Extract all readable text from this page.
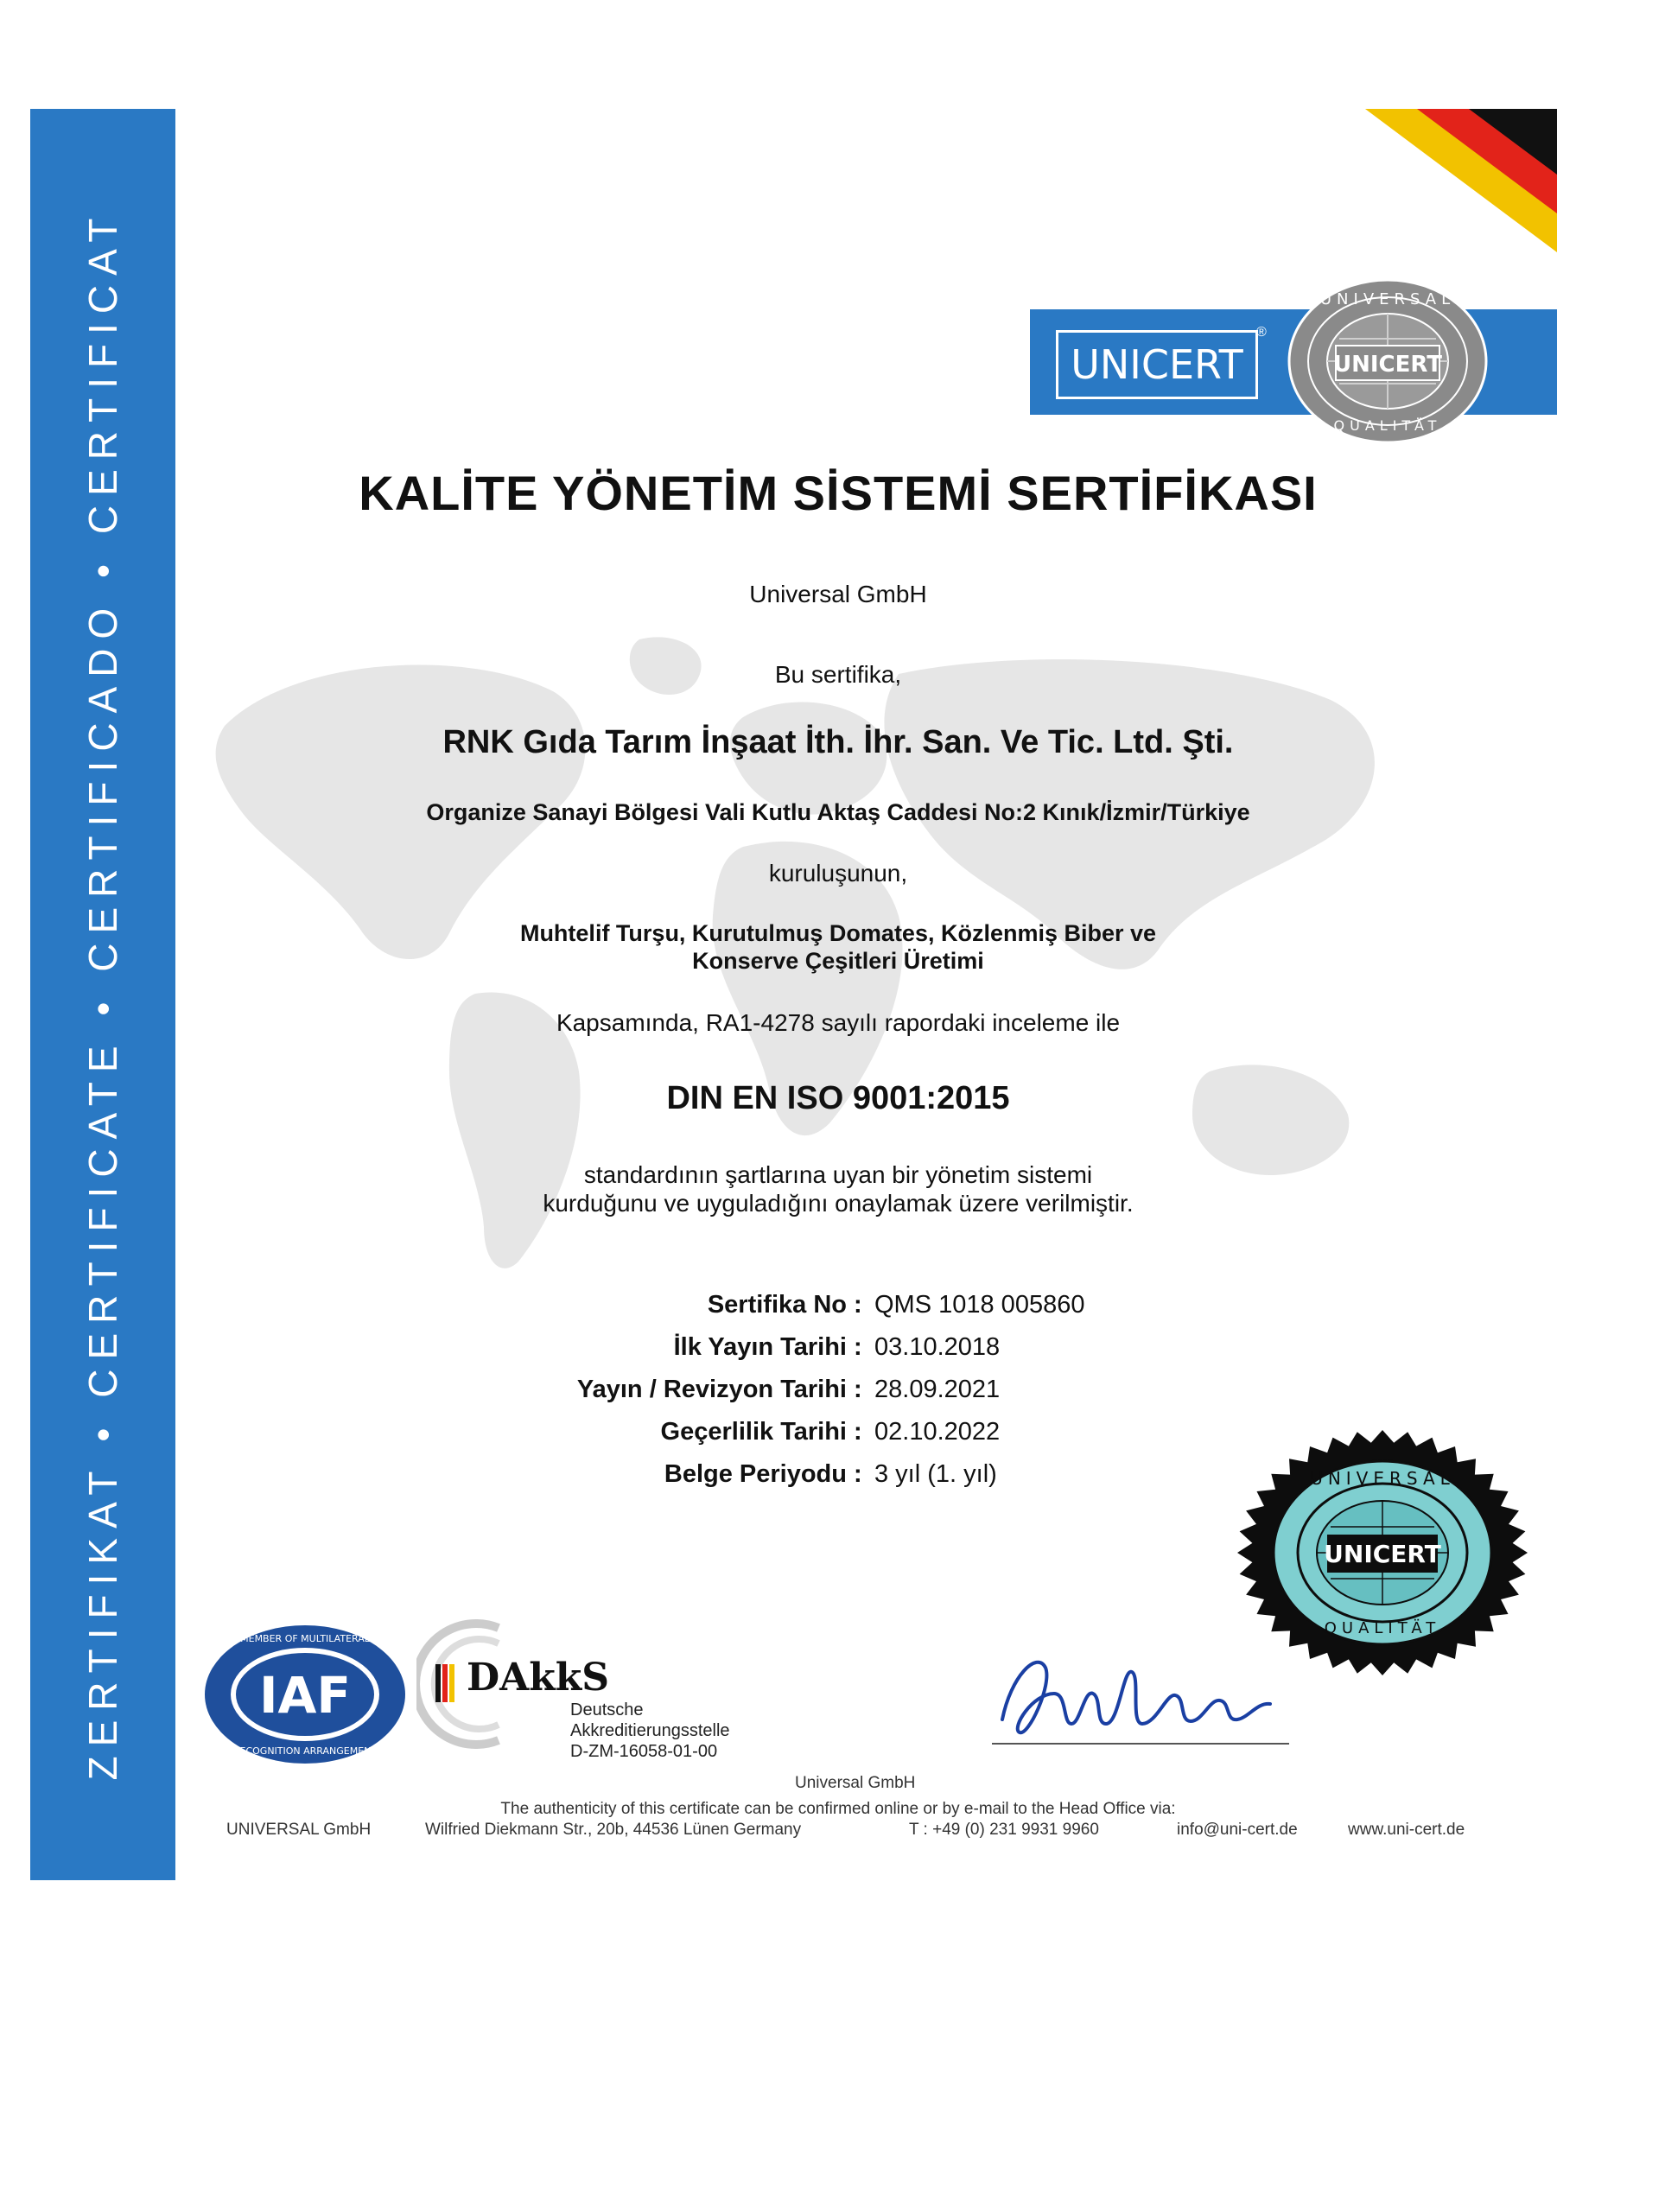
ZERTIFIKAT • CERTIFICATE • CERTIFICADO • CERTIFICAT	UNICERT
®
UNICERT
UNIVERSAL
QUALITÄT
KALİTE YÖNETİM SİSTEMİ SERTİFİKASI
Universal GmbH
Bu sertifika,
RNK Gıda Tarım İnşaat İth. İhr. San. Ve Tic. Ltd. Şti.
Organize Sanayi Bölgesi Vali Kutlu Aktaş Caddesi No:2 Kınık/İzmir/Türkiye
kuruluşunun,
Muhtelif Turşu, Kurutulmuş Domates, Közlenmiş Biber ve
Konserve Çeşitleri Üretimi
Kapsamında, RA1-4278 sayılı rapordaki inceleme ile
DIN EN ISO 9001:2015
standardının şartlarına uyan bir yönetim sistemi
kurduğunu ve uyguladığını onaylamak üzere verilmiştir.
Sertifika No : QMS 1018 005860
İlk Yayın Tarihi : 03.10.2018
Yayın / Revizyon Tarihi : 28.09.2021
Geçerlilik Tarihi : 02.10.2022
Belge Periyodu : 3 yıl (1. yıl)
UNICERT
UNIVERSAL
QUALITÄT
IAF
MEMBER OF MULTILATERAL
RECOGNITION ARRANGEMENT
DAkkS
Deutsche
Akkreditierungsstelle
D-ZM-16058-01-00
Universal GmbH
The authenticity of this certificate can be confirmed online or by e-mail to the Head Office via:
UNIVERSAL GmbH	Wilfried Diekmann Str., 20b, 44536 Lünen Germany	T : +49 (0) 231 9931 9960	info@uni-cert.de	www.uni-cert.de
